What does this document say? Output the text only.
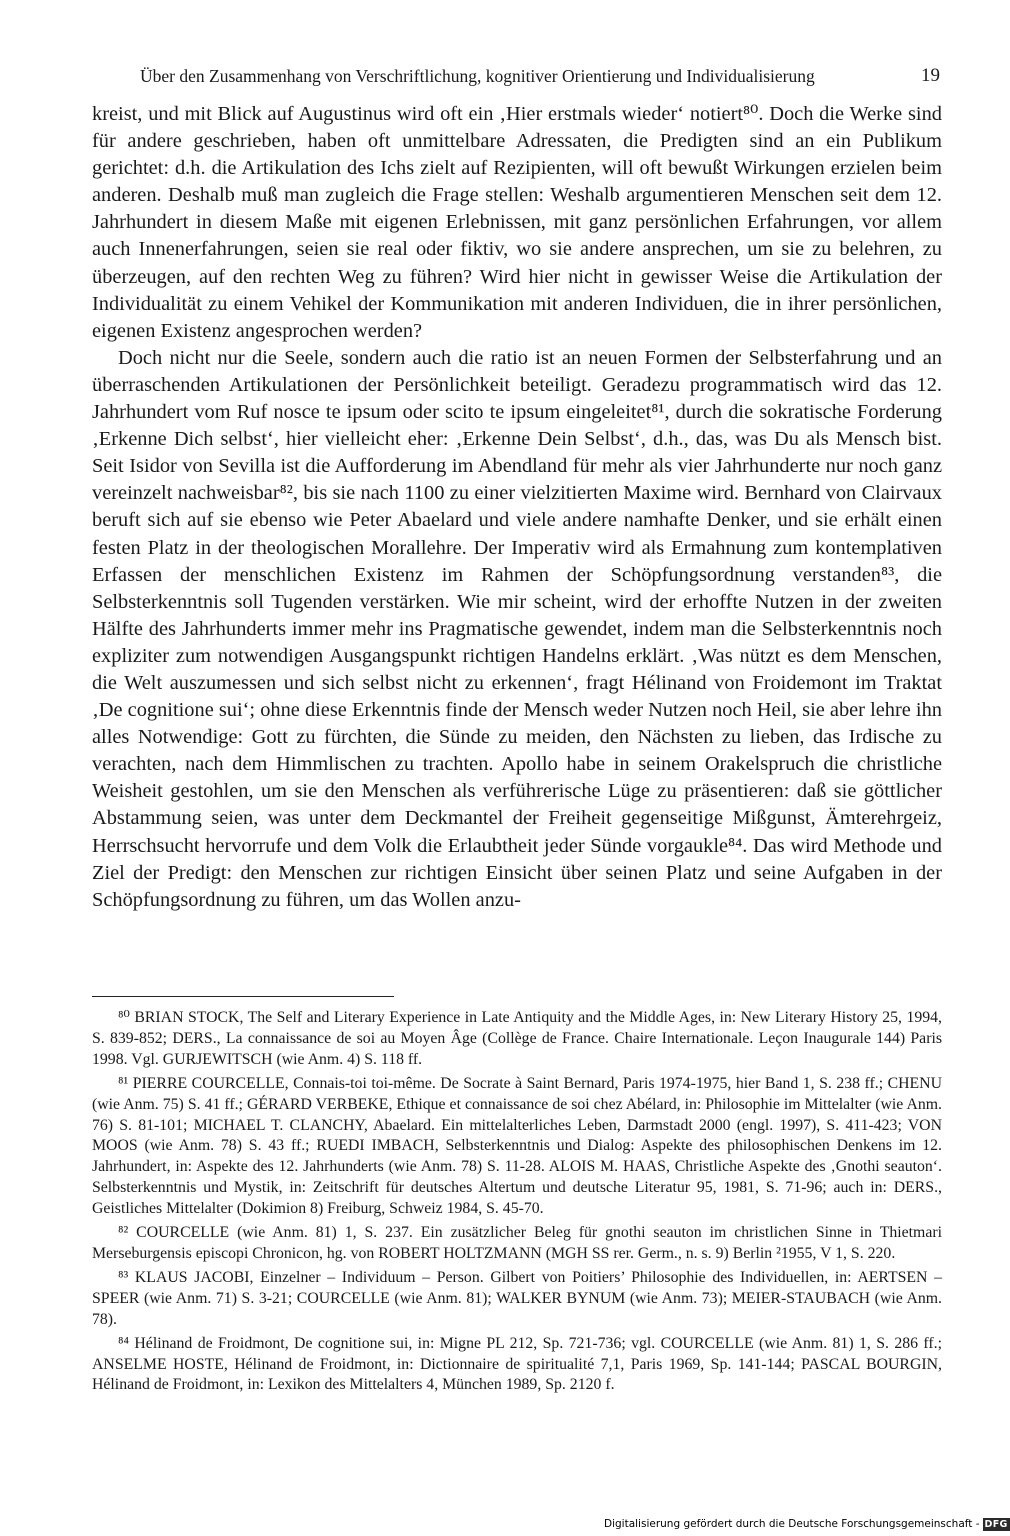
Über den Zusammenhang von Verschriftlichung, kognitiver Orientierung und Individualisierung	19

kreist, und mit Blick auf Augustinus wird oft ein ‚Hier erstmals wieder‘ notiert⁸⁰. Doch die Werke sind für andere geschrieben, haben oft unmittelbare Adressaten, die Predigten sind an ein Publikum gerichtet: d.h. die Artikulation des Ichs zielt auf Rezipienten, will oft bewußt Wirkungen erzielen beim anderen. Deshalb muß man zugleich die Frage stellen: Weshalb argumentieren Menschen seit dem 12. Jahrhundert in diesem Maße mit eigenen Erlebnissen, mit ganz persönlichen Erfahrungen, vor allem auch Innenerfahrungen, seien sie real oder fiktiv, wo sie andere ansprechen, um sie zu belehren, zu überzeugen, auf den rechten Weg zu führen? Wird hier nicht in gewisser Weise die Artikulation der Individualität zu einem Vehikel der Kommunikation mit anderen Individuen, die in ihrer persönlichen, eigenen Existenz angesprochen werden?

Doch nicht nur die Seele, sondern auch die ratio ist an neuen Formen der Selbsterfahrung und an überraschenden Artikulationen der Persönlichkeit beteiligt. Geradezu programmatisch wird das 12. Jahrhundert vom Ruf nosce te ipsum oder scito te ipsum eingeleitet⁸¹, durch die sokratische Forderung ‚Erkenne Dich selbst‘, hier vielleicht eher: ‚Erkenne Dein Selbst‘, d.h., das, was Du als Mensch bist. Seit Isidor von Sevilla ist die Aufforderung im Abendland für mehr als vier Jahrhunderte nur noch ganz vereinzelt nachweisbar⁸², bis sie nach 1100 zu einer vielzitierten Maxime wird. Bernhard von Clairvaux beruft sich auf sie ebenso wie Peter Abaelard und viele andere namhafte Denker, und sie erhält einen festen Platz in der theologischen Morallehre. Der Imperativ wird als Ermahnung zum kontemplativen Erfassen der menschlichen Existenz im Rahmen der Schöpfungsordnung verstanden⁸³, die Selbsterkenntnis soll Tugenden verstärken. Wie mir scheint, wird der erhoffte Nutzen in der zweiten Hälfte des Jahrhunderts immer mehr ins Pragmatische gewendet, indem man die Selbsterkenntnis noch expliziter zum notwendigen Ausgangspunkt richtigen Handelns erklärt. ‚Was nützt es dem Menschen, die Welt auszumessen und sich selbst nicht zu erkennen‘, fragt Hélinand von Froidemont im Traktat ‚De cognitione sui‘; ohne diese Erkenntnis finde der Mensch weder Nutzen noch Heil, sie aber lehre ihn alles Notwendige: Gott zu fürchten, die Sünde zu meiden, den Nächsten zu lieben, das Irdische zu verachten, nach dem Himmlischen zu trachten. Apollo habe in seinem Orakelspruch die christliche Weisheit gestohlen, um sie den Menschen als verführerische Lüge zu präsentieren: daß sie göttlicher Abstammung seien, was unter dem Deckmantel der Freiheit gegenseitige Mißgunst, Ämterehrgeiz, Herrschsucht hervorrufe und dem Volk die Erlaubtheit jeder Sünde vorgaukle⁸⁴. Das wird Methode und Ziel der Predigt: den Menschen zur richtigen Einsicht über seinen Platz und seine Aufgaben in der Schöpfungsordnung zu führen, um das Wollen anzu-

⁸⁰ BRIAN STOCK, The Self and Literary Experience in Late Antiquity and the Middle Ages, in: New Literary History 25, 1994, S. 839-852; DERS., La connaissance de soi au Moyen Âge (Collège de France. Chaire Internationale. Leçon Inaugurale 144) Paris 1998. Vgl. GURJEWITSCH (wie Anm. 4) S. 118 ff.

⁸¹ PIERRE COURCELLE, Connais-toi toi-même. De Socrate à Saint Bernard, Paris 1974-1975, hier Band 1, S. 238 ff.; CHENU (wie Anm. 75) S. 41 ff.; GÉRARD VERBEKE, Ethique et connaissance de soi chez Abélard, in: Philosophie im Mittelalter (wie Anm. 76) S. 81-101; MICHAEL T. CLANCHY, Abaelard. Ein mittelalterliches Leben, Darmstadt 2000 (engl. 1997), S. 411-423; VON MOOS (wie Anm. 78) S. 43 ff.; RUEDI IMBACH, Selbsterkenntnis und Dialog: Aspekte des philosophischen Denkens im 12. Jahrhundert, in: Aspekte des 12. Jahrhunderts (wie Anm. 78) S. 11-28. ALOIS M. HAAS, Christliche Aspekte des ‚Gnothi seauton‘. Selbsterkenntnis und Mystik, in: Zeitschrift für deutsches Altertum und deutsche Literatur 95, 1981, S. 71-96; auch in: DERS., Geistliches Mittelalter (Dokimion 8) Freiburg, Schweiz 1984, S. 45-70.

⁸² COURCELLE (wie Anm. 81) 1, S. 237. Ein zusätzlicher Beleg für gnothi seauton im christlichen Sinne in Thietmari Merseburgensis episcopi Chronicon, hg. von ROBERT HOLTZMANN (MGH SS rer. Germ., n. s. 9) Berlin ²1955, V 1, S. 220.

⁸³ KLAUS JACOBI, Einzelner – Individuum – Person. Gilbert von Poitiers’ Philosophie des Individuellen, in: AERTSEN – SPEER (wie Anm. 71) S. 3-21; COURCELLE (wie Anm. 81); WALKER BYNUM (wie Anm. 73); MEIER-STAUBACH (wie Anm. 78).

⁸⁴ Hélinand de Froidmont, De cognitione sui, in: Migne PL 212, Sp. 721-736; vgl. COURCELLE (wie Anm. 81) 1, S. 286 ff.; ANSELME HOSTE, Hélinand de Froidmont, in: Dictionnaire de spiritualité 7,1, Paris 1969, Sp. 141-144; PASCAL BOURGIN, Hélinand de Froidmont, in: Lexikon des Mittelalters 4, München 1989, Sp. 2120 f.

Digitalisierung gefördert durch die Deutsche Forschungsgemeinschaft - DFG
